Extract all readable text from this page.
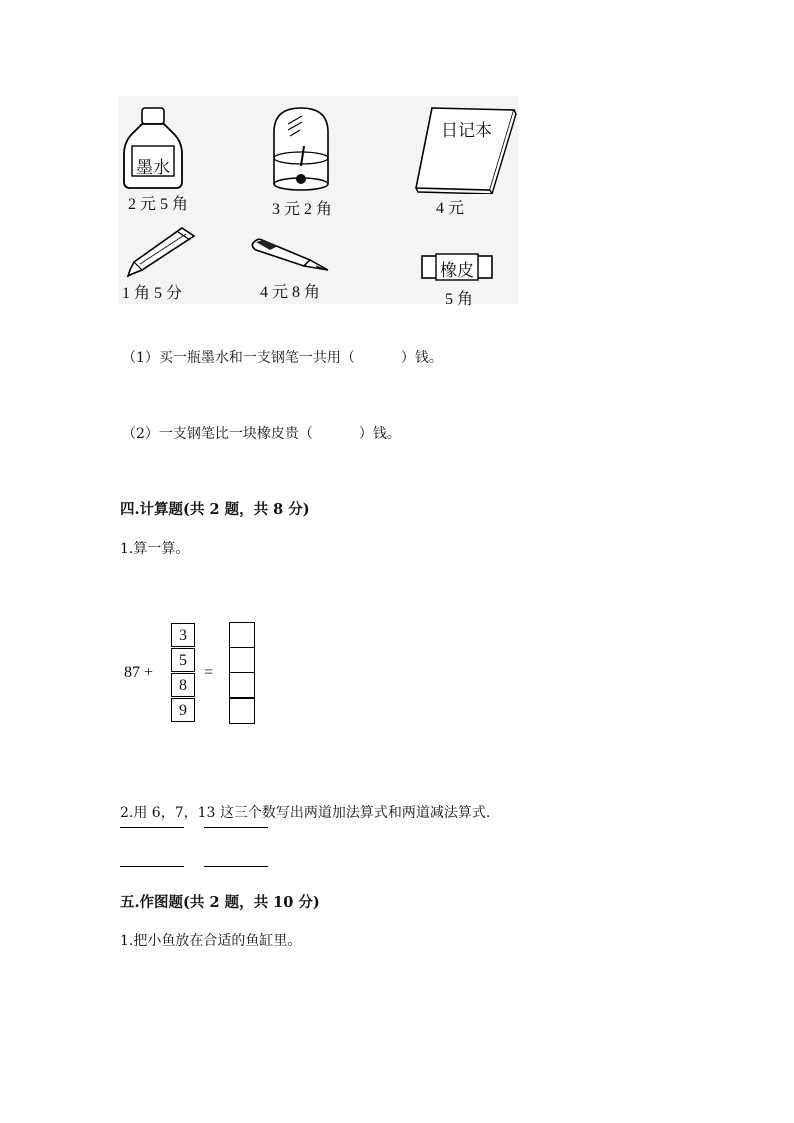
墨水
2 元 5 角	3 元 2 角
日记本
4 元
1 角 5 分	4 元 8 角
橡皮
5 角
（1）买一瓶墨水和一支钢笔一共用（	）钱。
（2）一支钢笔比一块橡皮贵（	）钱。
四.计算题(共 2 题，共 8 分)
1.算一算。
87 +
3
5
8
9
=
2.用 6，7，13 这三个数写出两道加法算式和两道减法算式.
五.作图题(共 2 题，共 10 分)
1.把小鱼放在合适的鱼缸里。
